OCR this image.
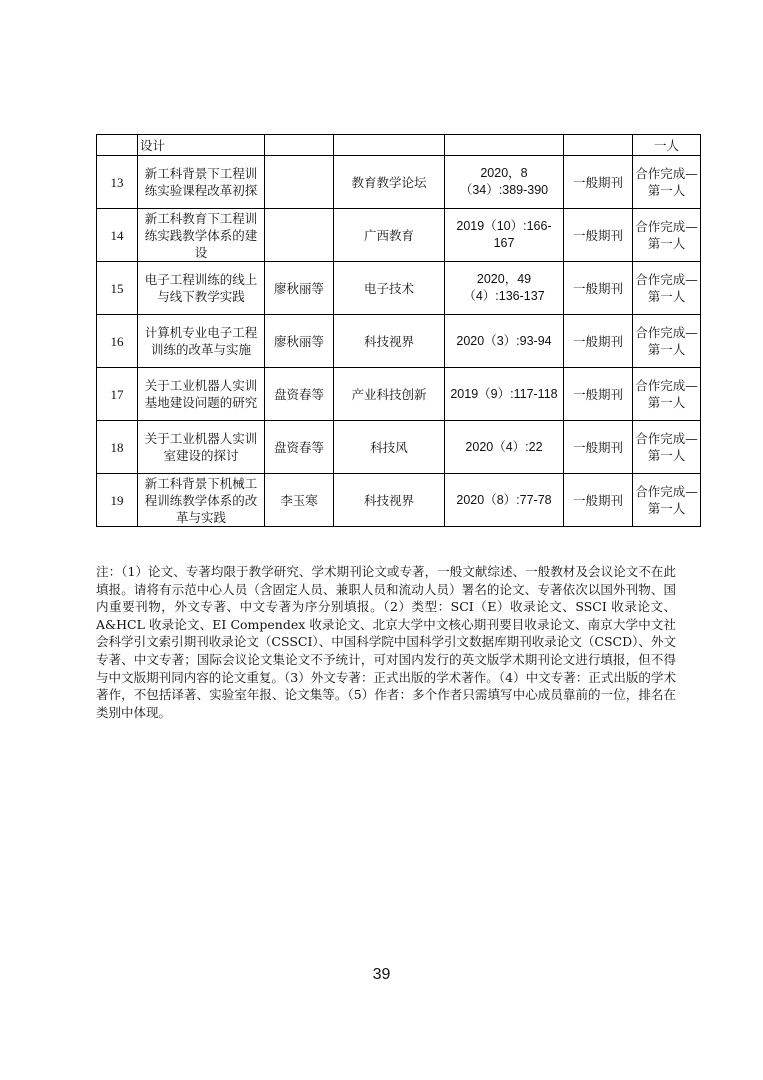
	设计					一人
13	新工科背景下工程训练实验课程改革初探		教育教学论坛	2020，8（34）:389-390	一般期刊	合作完成—第一人
14	新工科教育下工程训练实践教学体系的建设		广西教育	2019（10）:166-167	一般期刊	合作完成—第一人
15	电子工程训练的线上与线下教学实践	廖秋丽等	电子技术	2020，49（4）:136-137	一般期刊	合作完成—第一人
16	计算机专业电子工程训练的改革与实施	廖秋丽等	科技视界	2020（3）:93-94	一般期刊	合作完成—第一人
17	关于工业机器人实训基地建设问题的研究	盘资春等	产业科技创新	2019（9）:117-118	一般期刊	合作完成—第一人
18	关于工业机器人实训室建设的探讨	盘资春等	科技风	2020（4）:22	一般期刊	合作完成—第一人
19	新工科背景下机械工程训练教学体系的改革与实践	李玉寒	科技视界	2020（8）:77-78	一般期刊	合作完成—第一人

注：（1）论文、专著均限于教学研究、学术期刊论文或专著，一般文献综述、一般教材及会议论文不在此填报。请将有示范中心人员（含固定人员、兼职人员和流动人员）署名的论文、专著依次以国外刊物、国内重要刊物，外文专著、中文专著为序分别填报。（2）类型：SCI（E）收录论文、SSCI 收录论文、A&HCL 收录论文、EI Compendex 收录论文、北京大学中文核心期刊要目收录论文、南京大学中文社会科学引文索引期刊收录论文（CSSCI）、中国科学院中国科学引文数据库期刊收录论文（CSCD）、外文专著、中文专著；国际会议论文集论文不予统计，可对国内发行的英文版学术期刊论文进行填报，但不得与中文版期刊同内容的论文重复。（3）外文专著：正式出版的学术著作。（4）中文专著：正式出版的学术著作，不包括译著、实验室年报、论文集等。（5）作者：多个作者只需填写中心成员靠前的一位，排名在类别中体现。

39
